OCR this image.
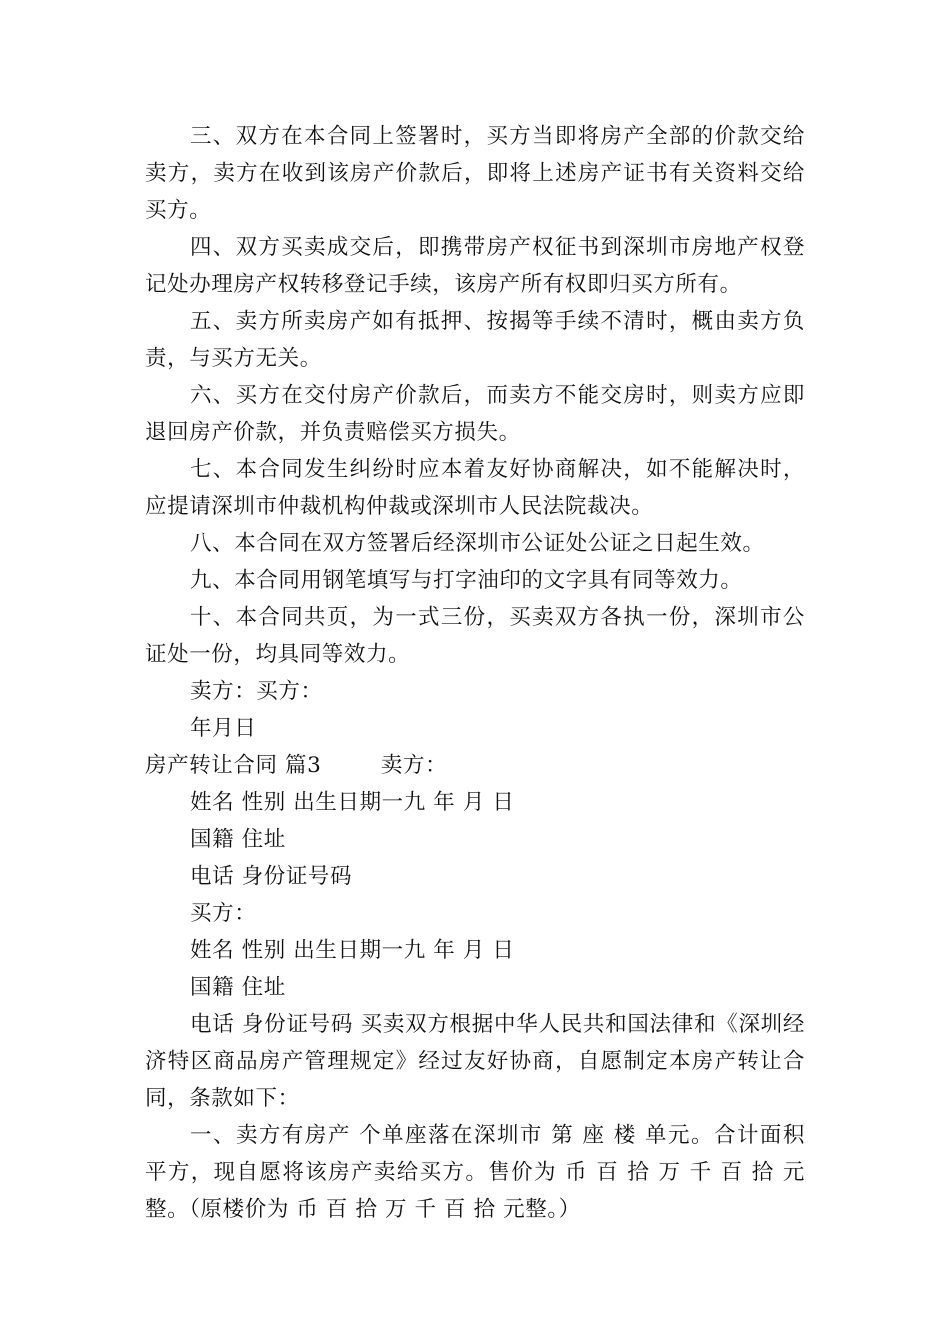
三、双方在本合同上签署时，买方当即将房产全部的价款交给卖方，卖方在收到该房产价款后，即将上述房产证书有关资料交给买方。

四、双方买卖成交后，即携带房产权征书到深圳市房地产权登记处办理房产权转移登记手续，该房产所有权即归买方所有。

五、卖方所卖房产如有抵押、按揭等手续不清时，概由卖方负责，与买方无关。

六、买方在交付房产价款后，而卖方不能交房时，则卖方应即退回房产价款，并负责赔偿买方损失。

七、本合同发生纠纷时应本着友好协商解决，如不能解决时，应提请深圳市仲裁机构仲裁或深圳市人民法院裁决。

八、本合同在双方签署后经深圳市公证处公证之日起生效。

九、本合同用钢笔填写与打字油印的文字具有同等效力。

十、本合同共页，为一式三份，买卖双方各执一份，深圳市公证处一份，均具同等效力。

卖方：买方：

年月日

房产转让合同 篇3        卖方：

姓名 性别 出生日期一九 年 月 日

国籍 住址

电话 身份证号码

买方：

姓名 性别 出生日期一九 年 月 日

国籍 住址

电话 身份证号码 买卖双方根据中华人民共和国法律和《深圳经济特区商品房产管理规定》经过友好协商，自愿制定本房产转让合同，条款如下：

一、卖方有房产 个单座落在深圳市 第 座 楼 单元。合计面积 平方，现自愿将该房产卖给买方。售价为 币 百 拾 万 千 百 拾 元整。（原楼价为 币 百 拾 万 千 百 拾 元整。）
